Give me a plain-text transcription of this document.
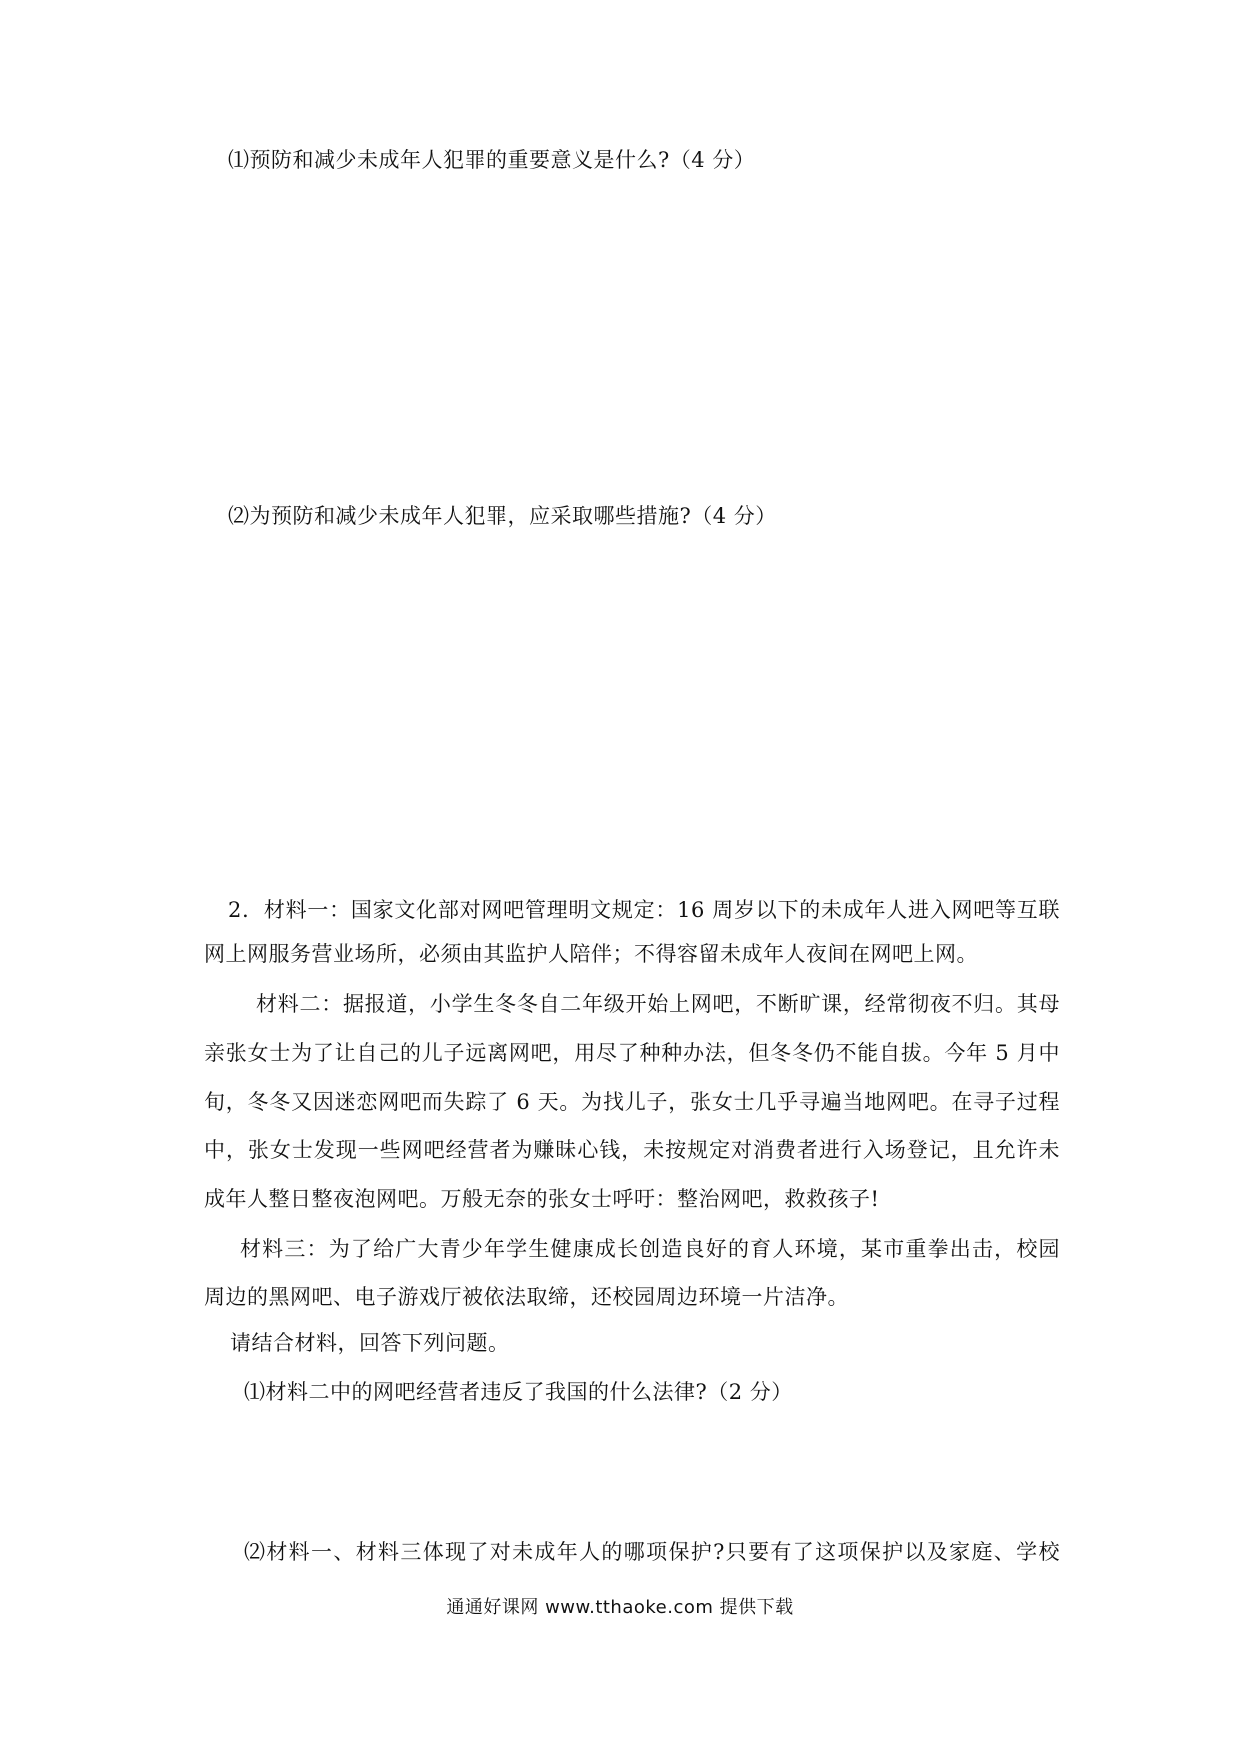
⑴预防和减少未成年人犯罪的重要意义是什么?（4 分）
⑵为预防和减少未成年人犯罪，应采取哪些措施?（4 分）
2．材料一：国家文化部对网吧管理明文规定：16 周岁以下的未成年人进入网吧等互联
网上网服务营业场所，必须由其监护人陪伴；不得容留未成年人夜间在网吧上网。
材料二：据报道，小学生冬冬自二年级开始上网吧，不断旷课，经常彻夜不归。其母
亲张女士为了让自己的儿子远离网吧，用尽了种种办法，但冬冬仍不能自拔。今年 5 月中
旬，冬冬又因迷恋网吧而失踪了 6 天。为找儿子，张女士几乎寻遍当地网吧。在寻子过程
中，张女士发现一些网吧经营者为赚昧心钱，未按规定对消费者进行入场登记，且允许未
成年人整日整夜泡网吧。万般无奈的张女士呼吁：整治网吧，救救孩子!
材料三：为了给广大青少年学生健康成长创造良好的育人环境，某市重拳出击，校园
周边的黑网吧、电子游戏厅被依法取缔，还校园周边环境一片洁净。
请结合材料，回答下列问题。
⑴材料二中的网吧经营者违反了我国的什么法律?（2 分）
⑵材料一、材料三体现了对未成年人的哪项保护?只要有了这项保护以及家庭、学校
通通好课网 www.tthaoke.com 提供下载
